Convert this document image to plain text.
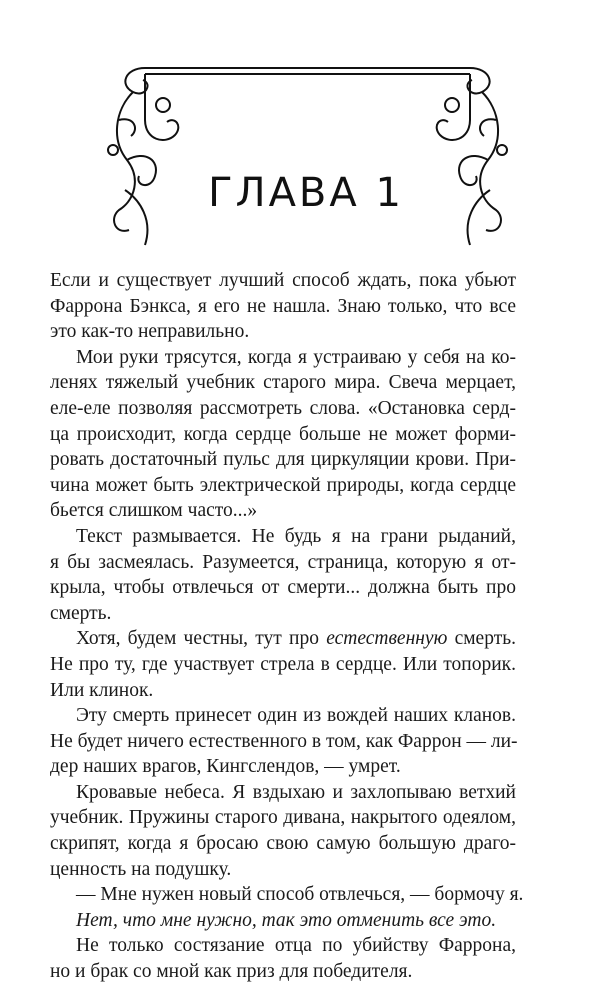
ГЛАВА 1
Если и существует лучший способ ждать, пока убьют
Фаррона Бэнкса, я его не нашла. Знаю только, что все
это как-то неправильно.
Мои руки трясутся, когда я устраиваю у себя на ко-
ленях тяжелый учебник старого мира. Свеча мерцает,
еле-еле позволяя рассмотреть слова. «Остановка серд-
ца происходит, когда сердце больше не может форми-
ровать достаточный пульс для циркуляции крови. При-
чина может быть электрической природы, когда сердце
бьется слишком часто...»
Текст размывается. Не будь я на грани рыданий,
я бы засмеялась. Разумеется, страница, которую я от-
крыла, чтобы отвлечься от смерти... должна быть про
смерть.
Хотя, будем честны, тут про естественную смерть.
Не про ту, где участвует стрела в сердце. Или топорик.
Или клинок.
Эту смерть принесет один из вождей наших кланов.
Не будет ничего естественного в том, как Фаррон — ли-
дер наших врагов, Кингслендов, — умрет.
Кровавые небеса. Я вздыхаю и захлопываю ветхий
учебник. Пружины старого дивана, накрытого одеялом,
скрипят, когда я бросаю свою самую большую драго-
ценность на подушку.
— Мне нужен новый способ отвлечься, — бормочу я.
Нет, что мне нужно, так это отменить все это.
Не только состязание отца по убийству Фаррона,
но и брак со мной как приз для победителя.
